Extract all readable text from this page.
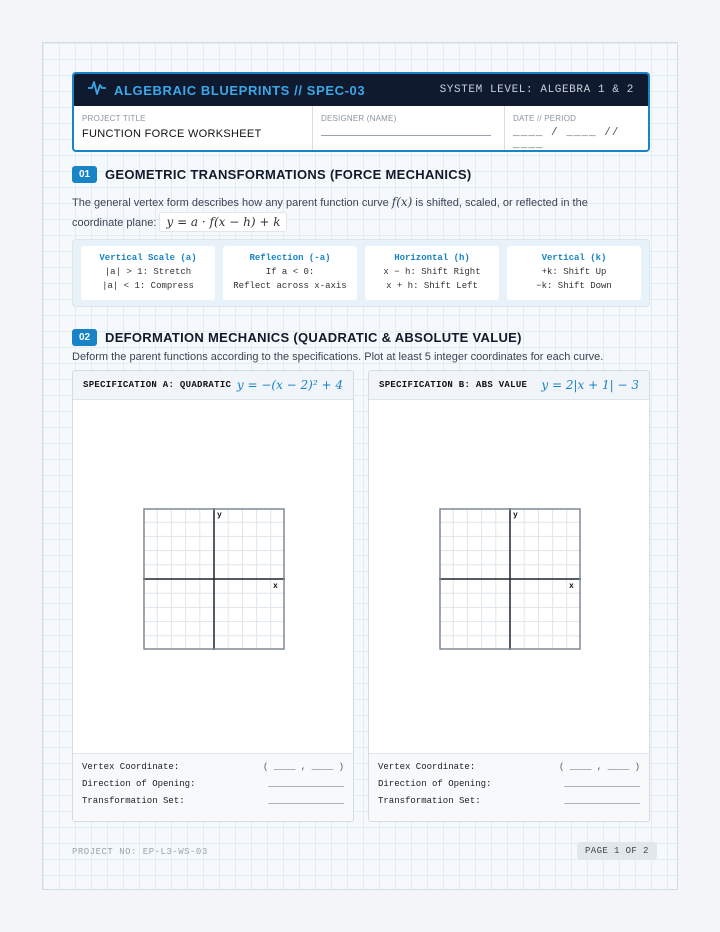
ALGEBRAIC BLUEPRINTS // SPEC-03	SYSTEM LEVEL: ALGEBRA 1 & 2
PROJECT TITLE
FUNCTION FORCE WORKSHEET
DESIGNER (NAME)	DATE // PERIOD
____ / ____ // ____
01	GEOMETRIC TRANSFORMATIONS (FORCE MECHANICS)
The general vertex form describes how any parent function curve f(x) is shifted, scaled, or reflected in the coordinate plane: y = a · f(x − h) + k
Vertical Scale (a)
|a| > 1: Stretch
|a| < 1: Compress
Reflection (-a)
If a < 0:
Reflect across x-axis
Horizontal (h)
x − h: Shift Right
x + h: Shift Left
Vertical (k)
+k: Shift Up
−k: Shift Down
02	DEFORMATION MECHANICS (QUADRATIC & ABSOLUTE VALUE)
Deform the parent functions according to the specifications. Plot at least 5 integer coordinates for each curve.
SPECIFICATION A: QUADRATIC y = −(x − 2)² + 4
y
x
Vertex Coordinate:	( ____ , ____ )
Direction of Opening:	______________
Transformation Set:	______________
SPECIFICATION B: ABS VALUE y = 2|x + 1| − 3
y
x
Vertex Coordinate:	( ____ , ____ )
Direction of Opening:	______________
Transformation Set:	______________
PROJECT NO: EP-L3-WS-03	PAGE 1 OF 2
